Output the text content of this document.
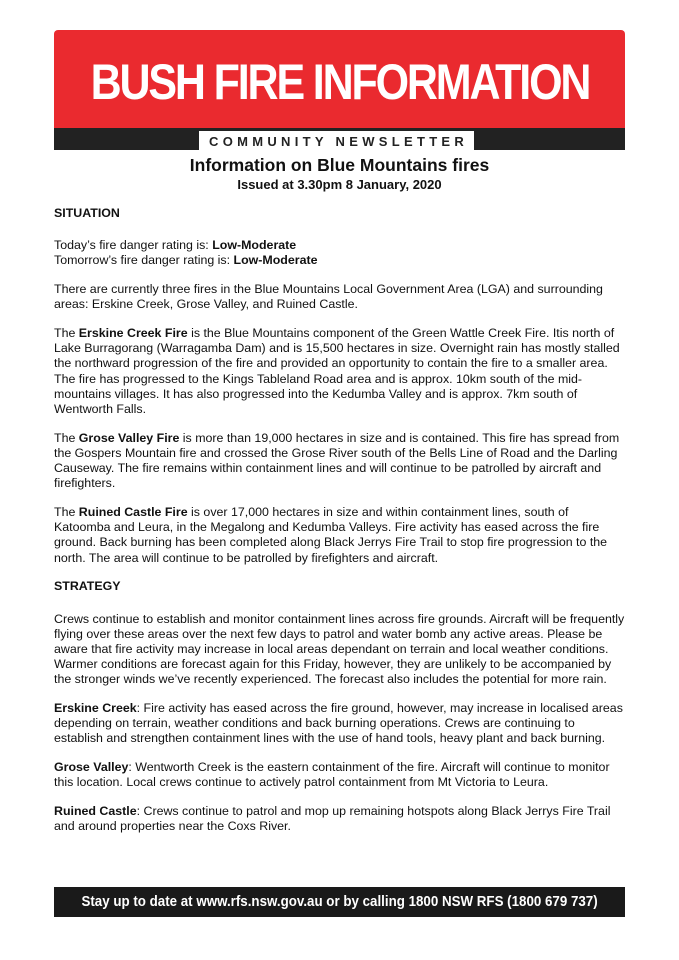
BUSH FIRE INFORMATION
COMMUNITY NEWSLETTER
Information on Blue Mountains fires
Issued at 3.30pm 8 January, 2020

SITUATION

Today’s fire danger rating is: Low-Moderate
Tomorrow’s fire danger rating is: Low-Moderate

There are currently three fires in the Blue Mountains Local Government Area (LGA) and surrounding areas: Erskine Creek, Grose Valley, and Ruined Castle.

The Erskine Creek Fire is the Blue Mountains component of the Green Wattle Creek Fire. Itis north of Lake Burragorang (Warragamba Dam) and is 15,500 hectares in size. Overnight rain has mostly stalled the northward progression of the fire and provided an opportunity to contain the fire to a smaller area. The fire has progressed to the Kings Tableland Road area and is approx. 10km south of the mid-mountains villages. It has also progressed into the Kedumba Valley and is approx. 7km south of Wentworth Falls.

The Grose Valley Fire is more than 19,000 hectares in size and is contained. This fire has spread from the Gospers Mountain fire and crossed the Grose River south of the Bells Line of Road and the Darling Causeway. The fire remains within containment lines and will continue to be patrolled by aircraft and firefighters.

The Ruined Castle Fire is over 17,000 hectares in size and within containment lines, south of Katoomba and Leura, in the Megalong and Kedumba Valleys. Fire activity has eased across the fire ground. Back burning has been completed along Black Jerrys Fire Trail to stop fire progression to the north. The area will continue to be patrolled by firefighters and aircraft.

STRATEGY

Crews continue to establish and monitor containment lines across fire grounds. Aircraft will be frequently flying over these areas over the next few days to patrol and water bomb any active areas. Please be aware that fire activity may increase in local areas dependant on terrain and local weather conditions. Warmer conditions are forecast again for this Friday, however, they are unlikely to be accompanied by the stronger winds we’ve recently experienced. The forecast also includes the potential for more rain.

Erskine Creek: Fire activity has eased across the fire ground, however, may increase in localised areas depending on terrain, weather conditions and back burning operations. Crews are continuing to establish and strengthen containment lines with the use of hand tools, heavy plant and back burning.

Grose Valley: Wentworth Creek is the eastern containment of the fire. Aircraft will continue to monitor this location. Local crews continue to actively patrol containment from Mt Victoria to Leura.

Ruined Castle: Crews continue to patrol and mop up remaining hotspots along Black Jerrys Fire Trail and around properties near the Coxs River.

Stay up to date at www.rfs.nsw.gov.au or by calling 1800 NSW RFS (1800 679 737)
